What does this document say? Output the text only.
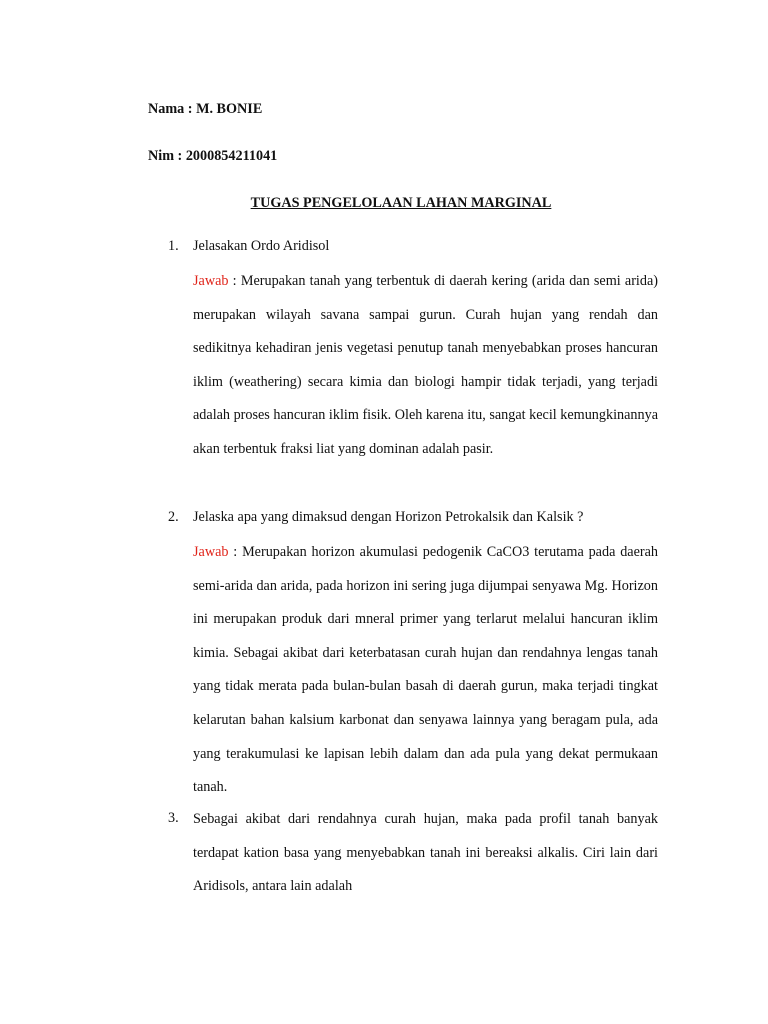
Nama : M. BONIE

Nim : 2000854211041

TUGAS PENGELOLAAN LAHAN MARGINAL

1. Jelasakan Ordo Aridisol

Jawab : Merupakan tanah yang terbentuk di daerah kering (arida dan semi arida) merupakan wilayah savana sampai gurun. Curah hujan yang rendah dan sedikitnya kehadiran jenis vegetasi penutup tanah menyebabkan proses hancuran iklim (weathering) secara kimia dan biologi hampir tidak terjadi, yang terjadi adalah proses hancuran iklim fisik. Oleh karena itu, sangat kecil kemungkinannya akan terbentuk fraksi liat yang dominan adalah pasir.

2. Jelaska apa yang dimaksud dengan Horizon Petrokalsik dan Kalsik ?

Jawab : Merupakan horizon akumulasi pedogenik CaCO3 terutama pada daerah semi-arida dan arida, pada horizon ini sering juga dijumpai senyawa Mg. Horizon ini merupakan produk dari mneral primer yang terlarut melalui hancuran iklim kimia. Sebagai akibat dari keterbatasan curah hujan dan rendahnya lengas tanah yang tidak merata pada bulan-bulan basah di daerah gurun, maka terjadi tingkat kelarutan bahan kalsium karbonat dan senyawa lainnya yang beragam pula, ada yang terakumulasi ke lapisan lebih dalam dan ada pula yang dekat permukaan tanah.

3. Sebagai akibat dari rendahnya curah hujan, maka pada profil tanah banyak terdapat kation basa yang menyebabkan tanah ini bereaksi alkalis. Ciri lain dari Aridisols, antara lain adalah
